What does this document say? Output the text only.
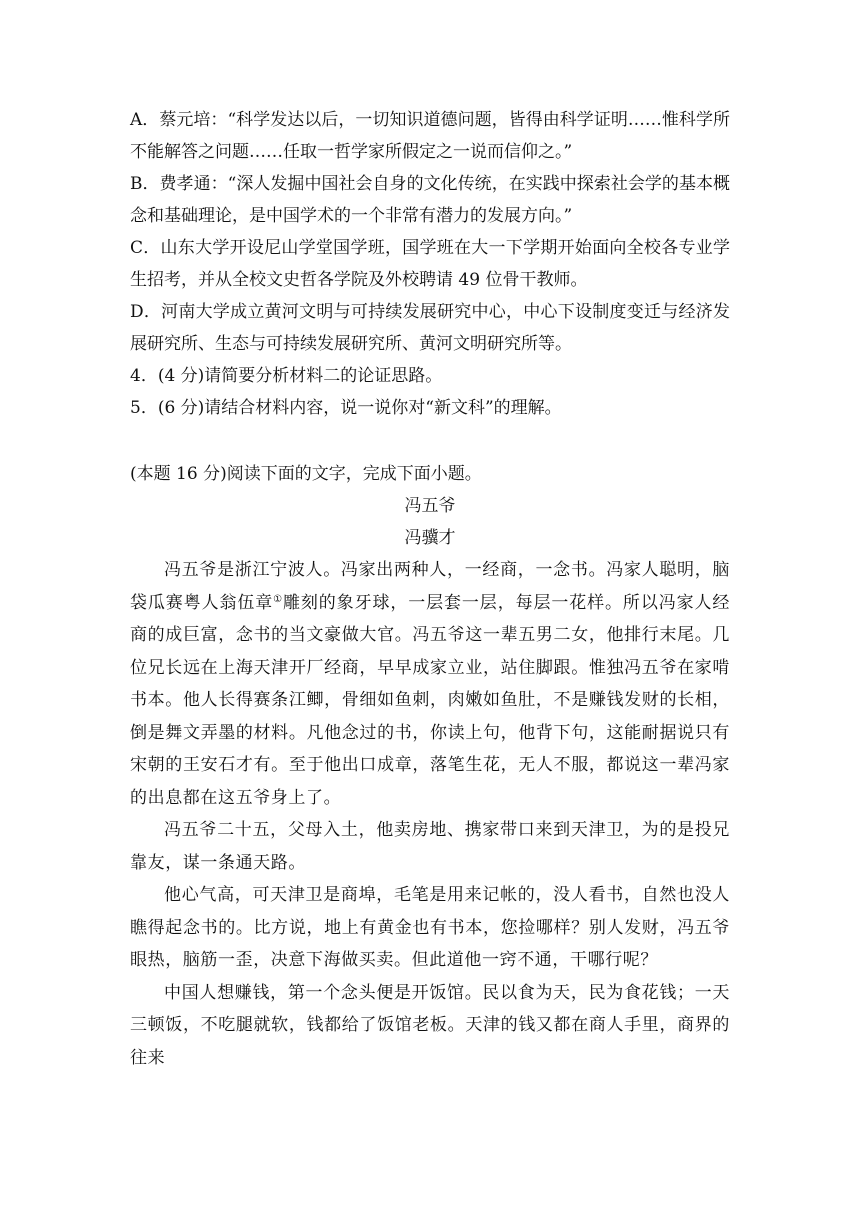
A．蔡元培：“科学发达以后，一切知识道德问题，皆得由科学证明……惟科学所不能解答之问题……任取一哲学家所假定之一说而信仰之。”

B．费孝通：“深人发掘中国社会自身的文化传统，在实践中探索社会学的基本概念和基础理论，是中国学术的一个非常有潜力的发展方向。”

C．山东大学开设尼山学堂国学班，国学班在大一下学期开始面向全校各专业学生招考，并从全校文史哲各学院及外校聘请 49 位骨干教师。

D．河南大学成立黄河文明与可持续发展研究中心，中心下设制度变迁与经济发展研究所、生态与可持续发展研究所、黄河文明研究所等。

4．(4 分)请简要分析材料二的论证思路。

5．(6 分)请结合材料内容，说一说你对“新文科”的理解。

(本题 16 分)阅读下面的文字，完成下面小题。

冯五爷

冯骥才

冯五爷是浙江宁波人。冯家出两种人，一经商，一念书。冯家人聪明，脑袋瓜赛粤人翁伍章①雕刻的象牙球，一层套一层，每层一花样。所以冯家人经商的成巨富，念书的当文豪做大官。冯五爷这一辈五男二女，他排行末尾。几位兄长远在上海天津开厂经商，早早成家立业，站住脚跟。惟独冯五爷在家啃书本。他人长得赛条江鲫，骨细如鱼刺，肉嫩如鱼肚，不是赚钱发财的长相，倒是舞文弄墨的材料。凡他念过的书，你读上句，他背下句，这能耐据说只有宋朝的王安石才有。至于他出口成章，落笔生花，无人不服，都说这一辈冯家的出息都在这五爷身上了。

冯五爷二十五，父母入土，他卖房地、携家带口来到天津卫，为的是投兄靠友，谋一条通天路。

他心气高，可天津卫是商埠，毛笔是用来记帐的，没人看书，自然也没人瞧得起念书的。比方说，地上有黄金也有书本，您捡哪样？别人发财，冯五爷眼热，脑筋一歪，决意下海做买卖。但此道他一窍不通，干哪行呢？

中国人想赚钱，第一个念头便是开饭馆。民以食为天，民为食花钱；一天三顿饭，不吃腿就软，钱都给了饭馆老板。天津的钱又都在商人手里，商界的往来
